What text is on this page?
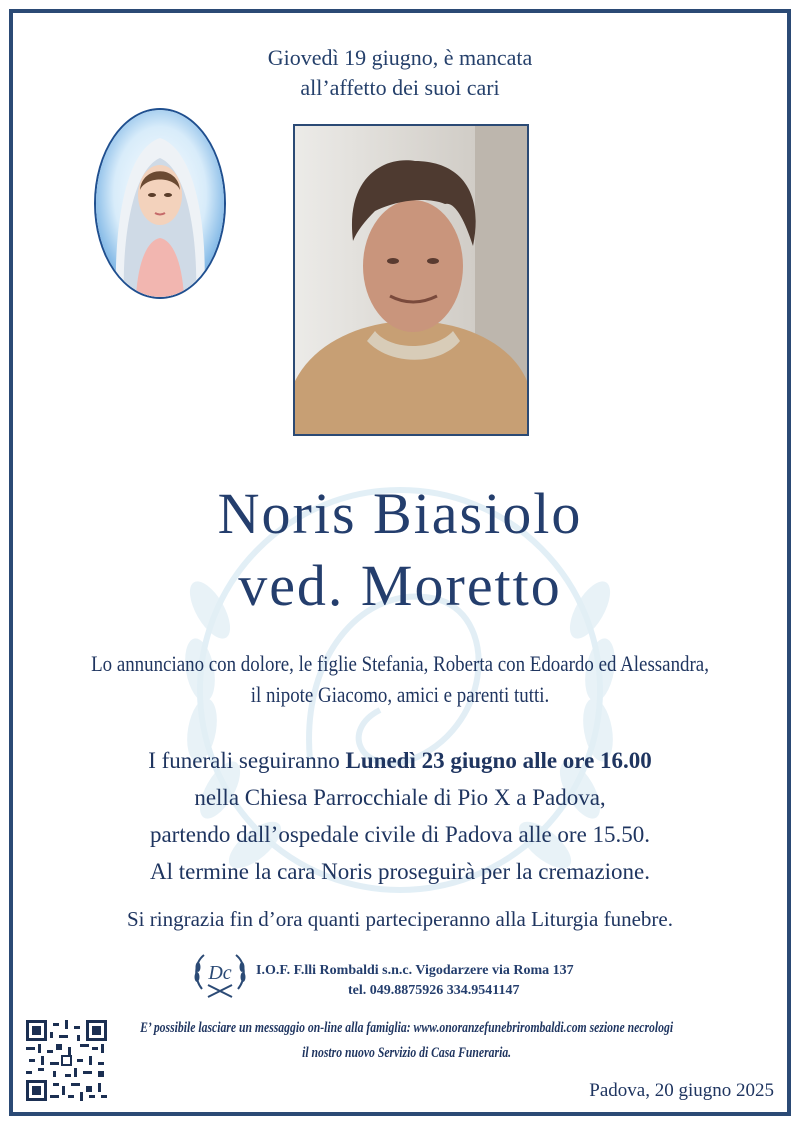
Giovedì 19 giugno, è mancata
all’affetto dei suoi cari
Noris Biasiolo
ved. Moretto
Lo annunciano con dolore, le figlie Stefania, Roberta con Edoardo ed Alessandra,
il nipote Giacomo, amici e parenti tutti.
I funerali seguiranno Lunedì 23 giugno alle ore 16.00
nella Chiesa Parrocchiale di Pio X a Padova,
partendo dall’ospedale civile di Padova alle ore 15.50.
Al termine la cara Noris proseguirà per la cremazione.
Si ringrazia fin d’ora quanti parteciperanno alla Liturgia funebre.
Dc I.O.F. F.lli Rombaldi s.n.c. Vigodarzere via Roma 137
tel. 049.8875926 334.9541147
E’ possibile lasciare un messaggio on-line alla famiglia: www.onoranzefunebrirombaldi.com sezione necrologi
il nostro nuovo Servizio di Casa Funeraria.
Padova, 20 giugno 2025
